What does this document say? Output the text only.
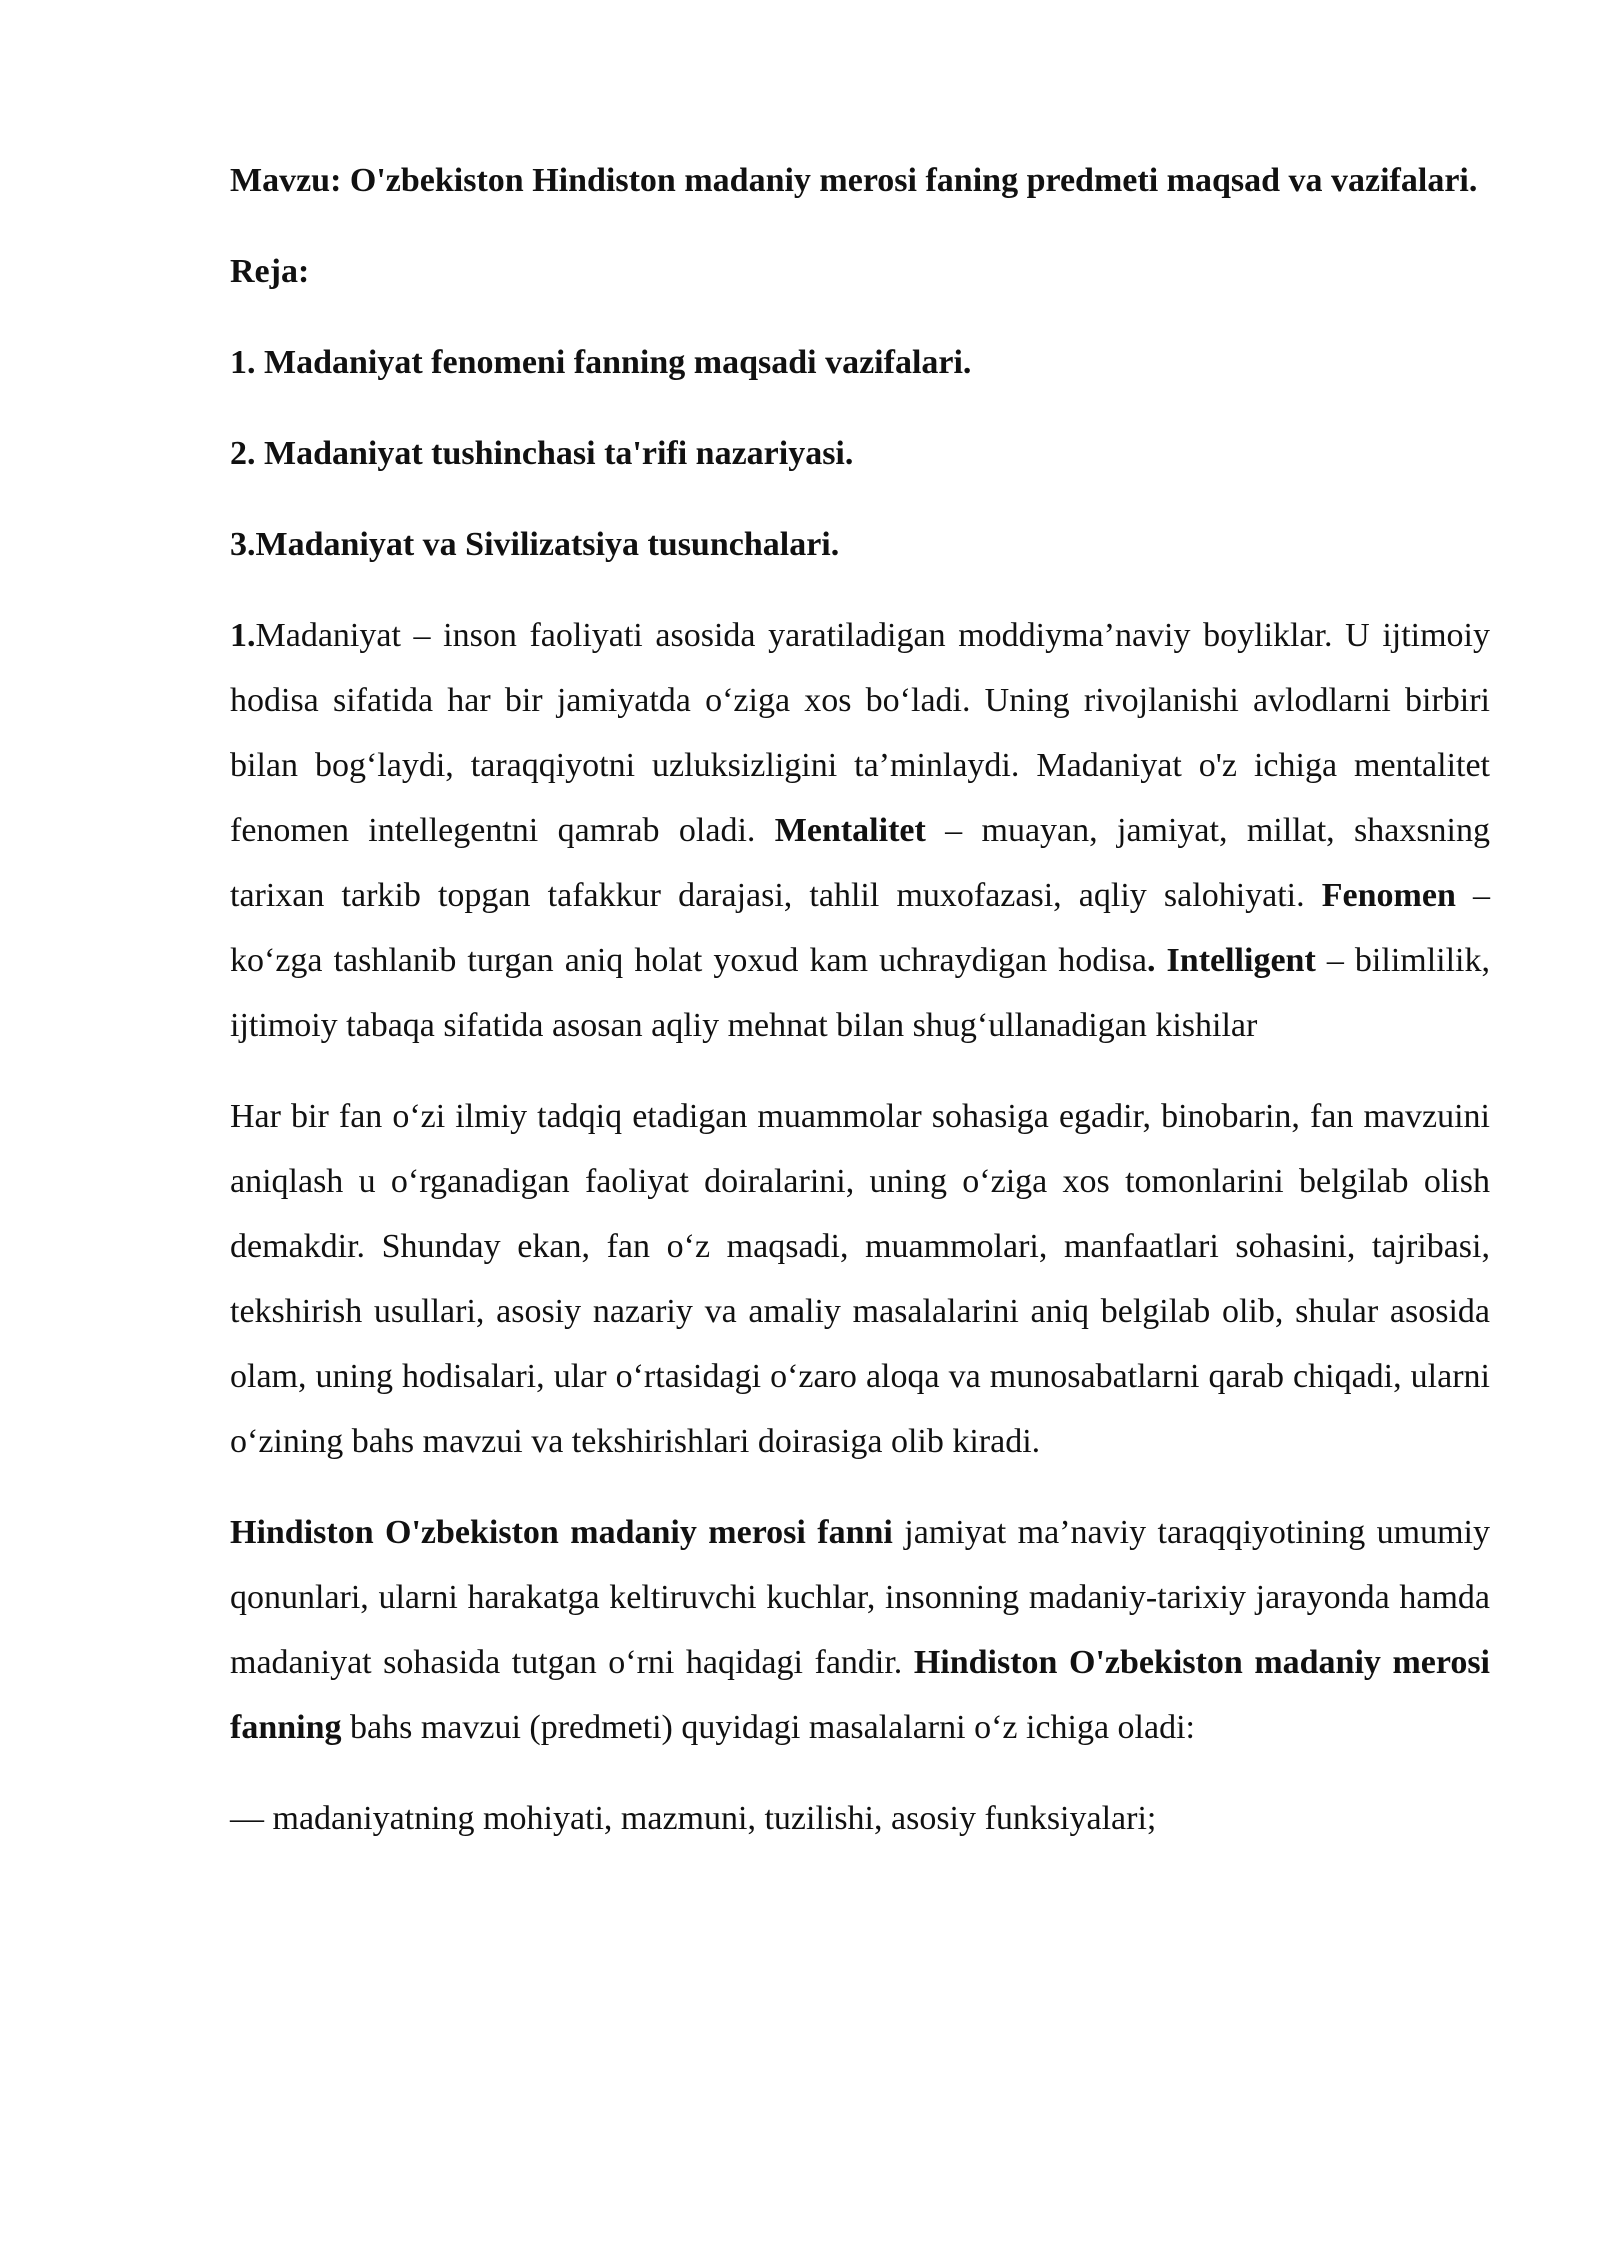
Mavzu: O'zbekiston Hindiston madaniy merosi faning predmeti maqsad va vazifalari.

Reja:

1. Madaniyat fenomeni fanning maqsadi vazifalari.

2. Madaniyat tushinchasi ta'rifi nazariyasi.

3.Madaniyat va Sivilizatsiya tusunchalari.

1.Madaniyat – inson faoliyati asosida yaratiladigan moddiyma’naviy boyliklar. U ijtimoiy hodisa sifatida har bir jamiyatda o‘ziga xos bo‘ladi. Uning rivojlanishi avlodlarni birbiri bilan bog‘laydi, taraqqiyotni uzluksizligini ta’minlaydi. Madaniyat o'z ichiga mentalitet fenomen intellegentni qamrab oladi. Mentalitet – muayan, jamiyat, millat, shaxsning tarixan tarkib topgan tafakkur darajasi, tahlil muxofazasi, aqliy salohiyati. Fenomen – ko‘zga tashlanib turgan aniq holat yoxud kam uchraydigan hodisa. Intelligent – bilimlilik, ijtimoiy tabaqa sifatida asosan aqliy mehnat bilan shug‘ullanadigan kishilar

Har bir fan o‘zi ilmiy tadqiq etadigan muammolar sohasiga egadir, binobarin, fan mavzuini aniqlash u o‘rganadigan faoliyat doiralarini, uning o‘ziga xos tomonlarini belgilab olish demakdir. Shunday ekan, fan o‘z maqsadi, muammolari, manfaatlari sohasini, tajribasi, tekshirish usullari, asosiy nazariy va amaliy masalalarini aniq belgilab olib, shular asosida olam, uning hodisalari, ular o‘rtasidagi o‘zaro aloqa va munosabatlarni qarab chiqadi, ularni o‘zining bahs mavzui va tekshirishlari doirasiga olib kiradi.

Hindiston O'zbekiston madaniy merosi fanni jamiyat ma’naviy taraqqiyotining umumiy qonunlari, ularni harakatga keltiruvchi kuchlar, insonning madaniy-tarixiy jarayonda hamda madaniyat sohasida tutgan o‘rni haqidagi fandir. Hindiston O'zbekiston madaniy merosi fanning bahs mavzui (predmeti) quyidagi masalalarni o‘z ichiga oladi:

— madaniyatning mohiyati, mazmuni, tuzilishi, asosiy funksiyalari;
